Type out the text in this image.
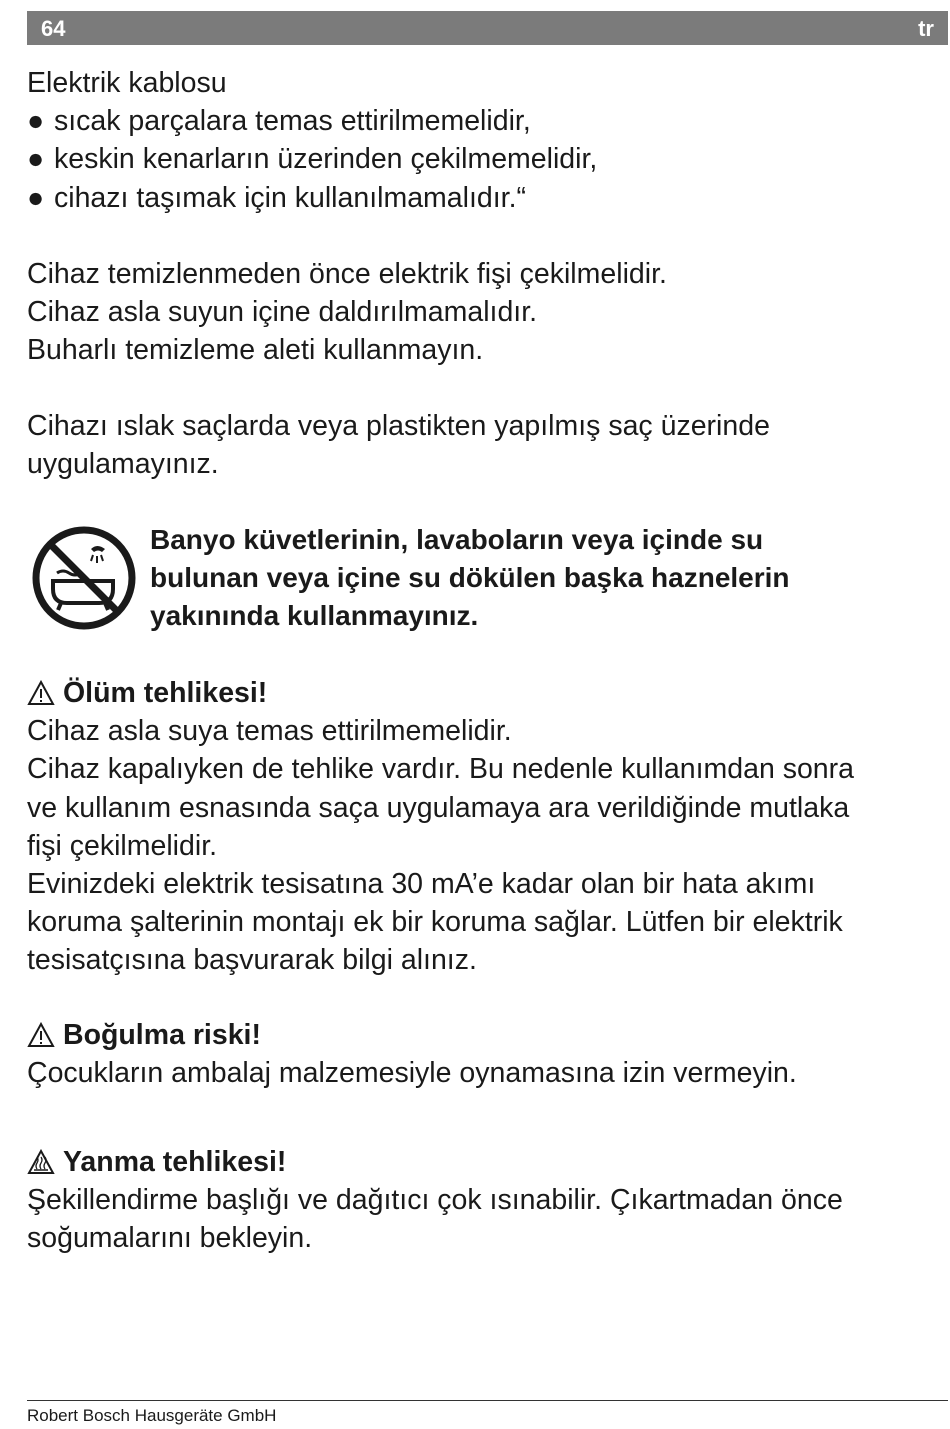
64	tr

Elektrik kablosu

● sıcak parçalara temas ettirilmemelidir,

● keskin kenarların üzerinden çekilmemelidir,

● cihazı taşımak için kullanılmamalıdır.“

Cihaz temizlenmeden önce elektrik fişi çekilmelidir.

Cihaz asla suyun içine daldırılmamalıdır.

Buharlı temizleme aleti kullanmayın.

Cihazı ıslak saçlarda veya plastikten yapılmış saç üzerinde

uygulamayınız.

Banyo küvetlerinin, lavaboların veya içinde su

bulunan veya içine su dökülen başka haznelerin

yakınında kullanmayınız.

Ölüm tehlikesi!

Cihaz asla suya temas ettirilmemelidir.

Cihaz kapalıyken de tehlike vardır. Bu nedenle kullanımdan sonra

ve kullanım esnasında saça uygulamaya ara verildiğinde mutlaka

fişi çekilmelidir.

Evinizdeki elektrik tesisatına 30 mA’e kadar olan bir hata akımı

koruma şalterinin montajı ek bir koruma sağlar. Lütfen bir elektrik

tesisatçısına başvurarak bilgi alınız.

Boğulma riski!

Çocukların ambalaj malzemesiyle oynamasına izin vermeyin.

Yanma tehlikesi!

Şekillendirme başlığı ve dağıtıcı çok ısınabilir. Çıkartmadan önce

soğumalarını bekleyin.

Robert Bosch Hausgeräte GmbH
